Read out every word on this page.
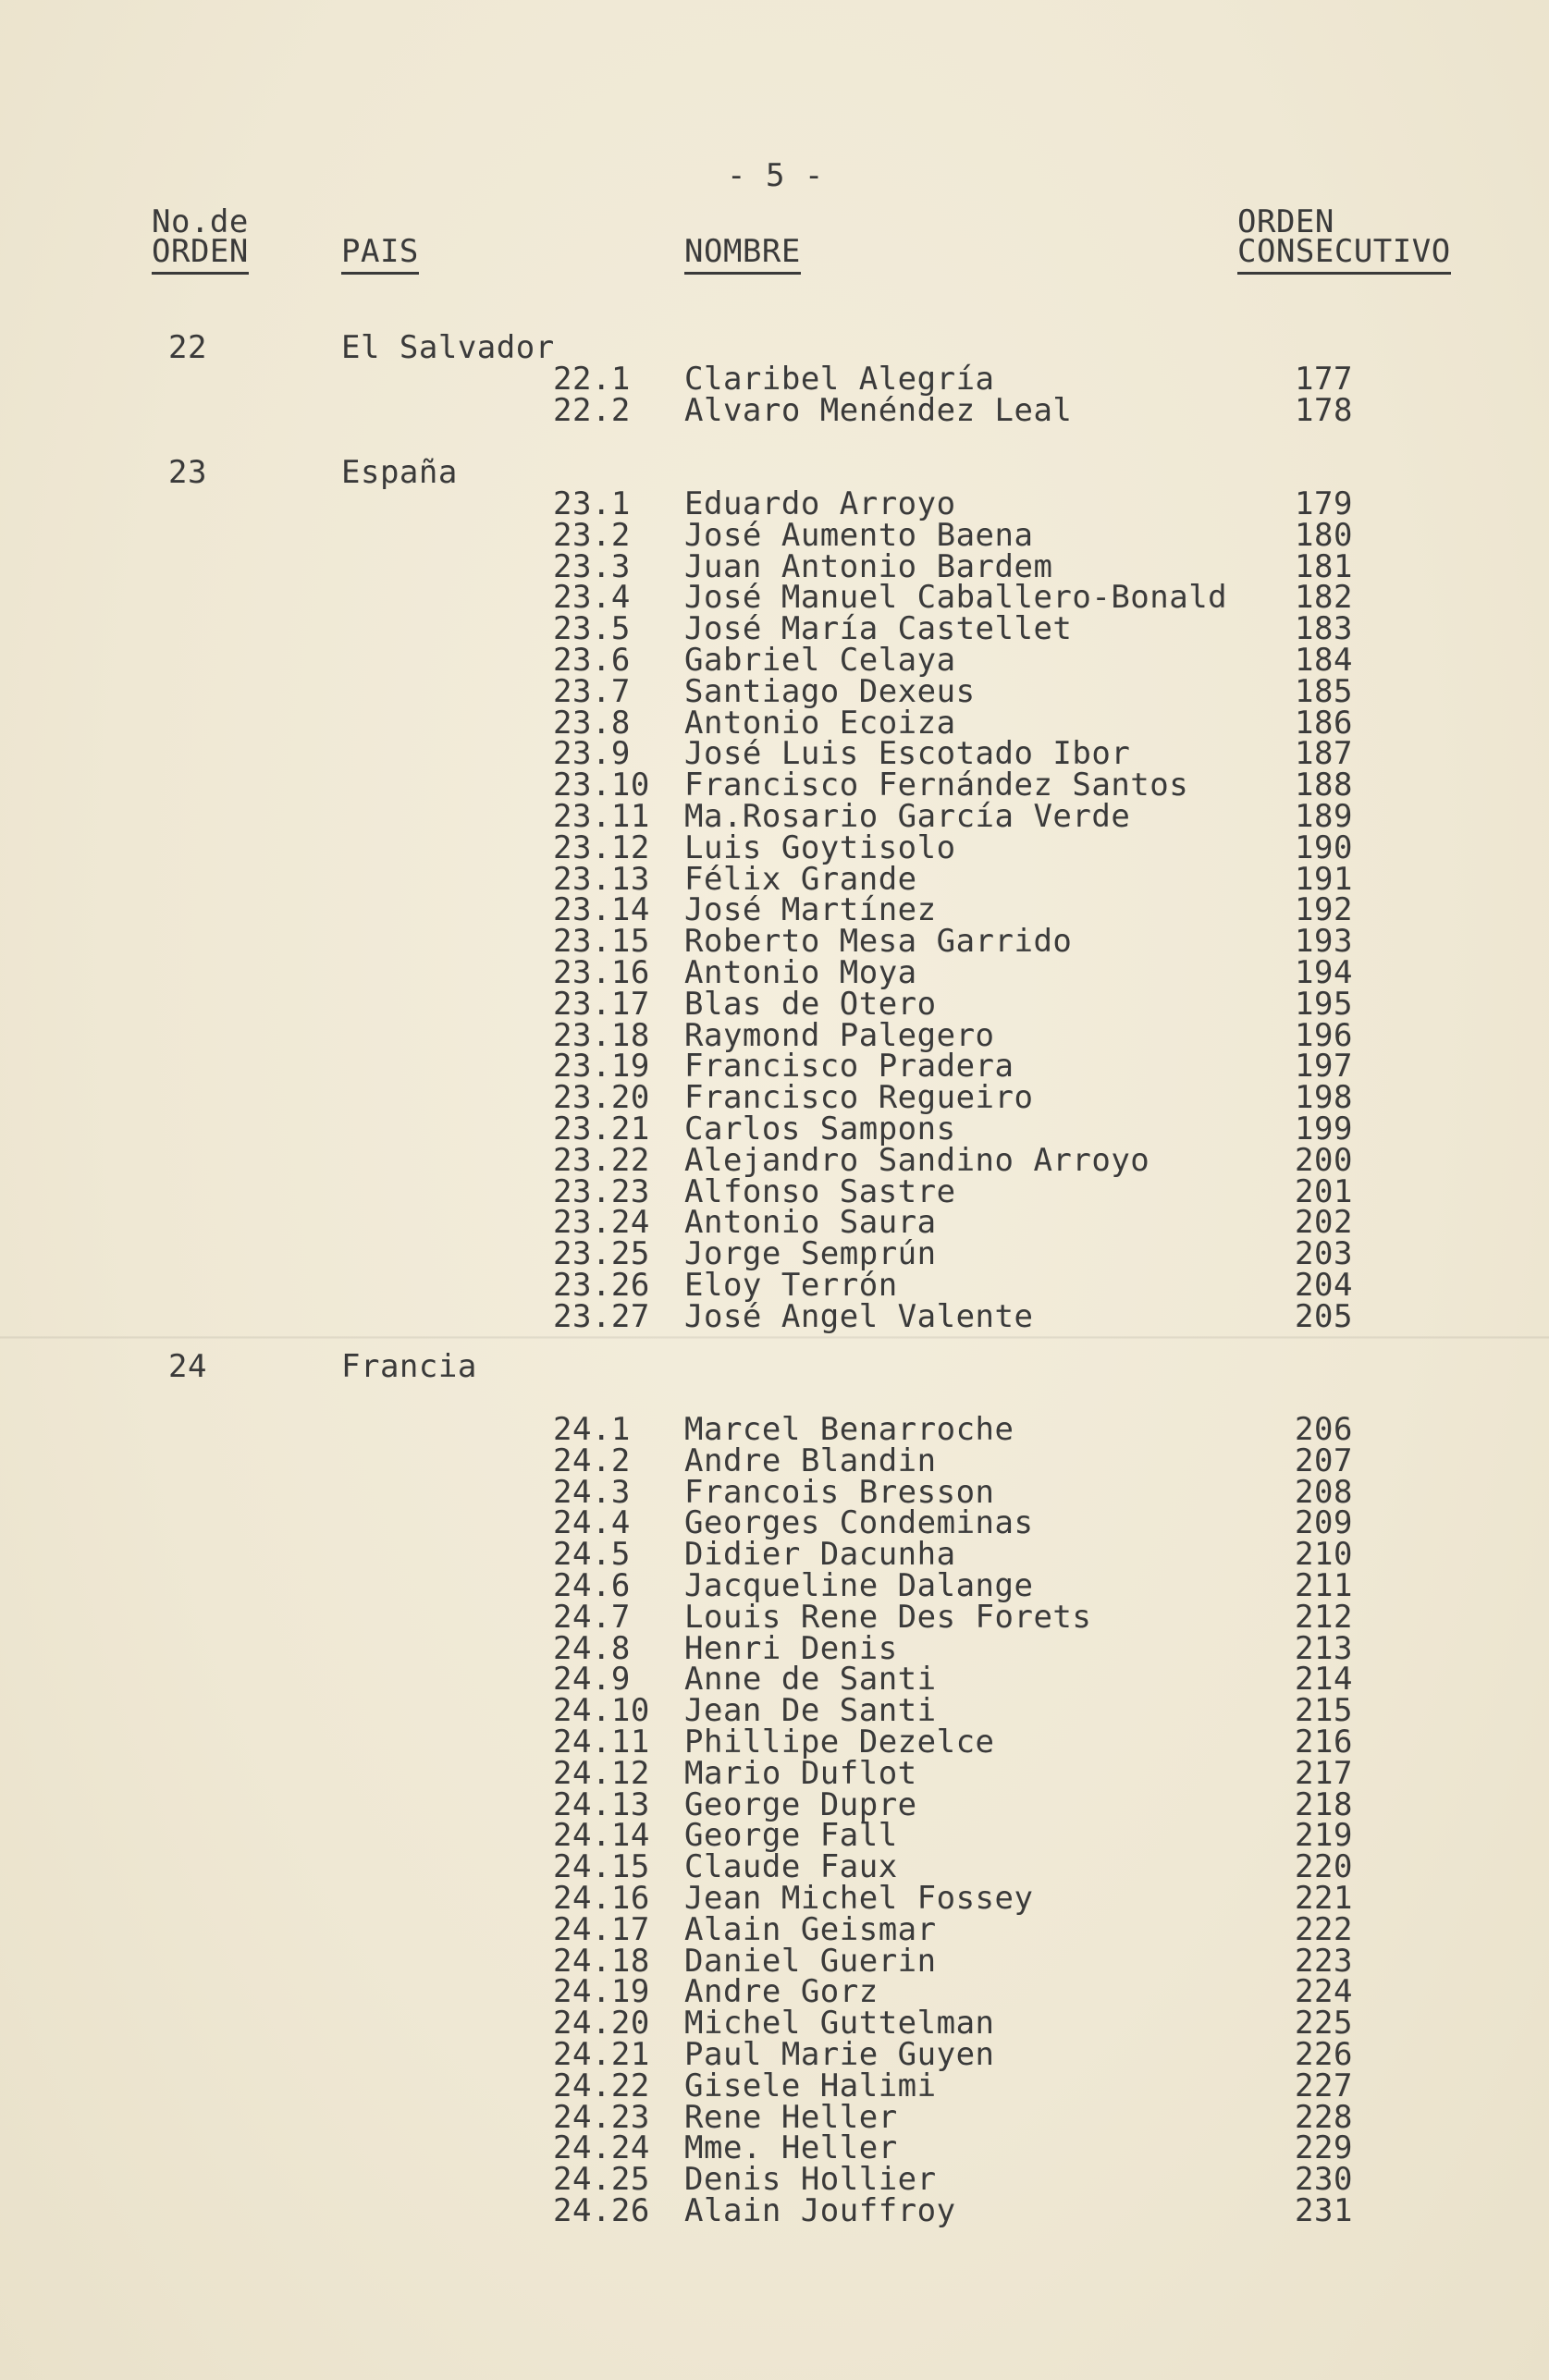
- 5 -
No.de
ORDEN	PAIS	NOMBRE
ORDEN
CONSECUTIVO
22	El Salvador
22.1 Claribel Alegría	177
22.2 Alvaro Menéndez Leal	178
23	España
23.1 Eduardo Arroyo	179
23.2 José Aumento Baena	180
23.3 Juan Antonio Bardem	181
23.4 José Manuel Caballero-Bonald 182
23.5 José María Castellet	183
23.6 Gabriel Celaya	184
23.7 Santiago Dexeus	185
23.8 Antonio Ecoiza	186
23.9 José Luis Escotado Ibor	187
23.10 Francisco Fernández Santos	188
23.11 Ma.Rosario García Verde	189
23.12 Luis Goytisolo	190
23.13 Félix Grande	191
23.14 José Martínez	192
23.15 Roberto Mesa Garrido	193
23.16 Antonio Moya	194
23.17 Blas de Otero	195
23.18 Raymond Palegero	196
23.19 Francisco Pradera	197
23.20 Francisco Regueiro	198
23.21 Carlos Sampons	199
23.22 Alejandro Sandino Arroyo	200
23.23 Alfonso Sastre	201
23.24 Antonio Saura	202
23.25 Jorge Semprún	203
23.26 Eloy Terrón	204
23.27 José Angel Valente	205
24	Francia
24.1 Marcel Benarroche	206
24.2 Andre Blandin	207
24.3 Francois Bresson	208
24.4 Georges Condeminas	209
24.5 Didier Dacunha	210
24.6 Jacqueline Dalange	211
24.7 Louis Rene Des Forets	212
24.8 Henri Denis	213
24.9 Anne de Santi	214
24.10 Jean De Santi	215
24.11 Phillipe Dezelce	216
24.12 Mario Duflot	217
24.13 George Dupre	218
24.14 George Fall	219
24.15 Claude Faux	220
24.16 Jean Michel Fossey	221
24.17 Alain Geismar	222
24.18 Daniel Guerin	223
24.19 Andre Gorz	224
24.20 Michel Guttelman	225
24.21 Paul Marie Guyen	226
24.22 Gisele Halimi	227
24.23 Rene Heller	228
24.24 Mme. Heller	229
24.25 Denis Hollier	230
24.26 Alain Jouffroy	231
